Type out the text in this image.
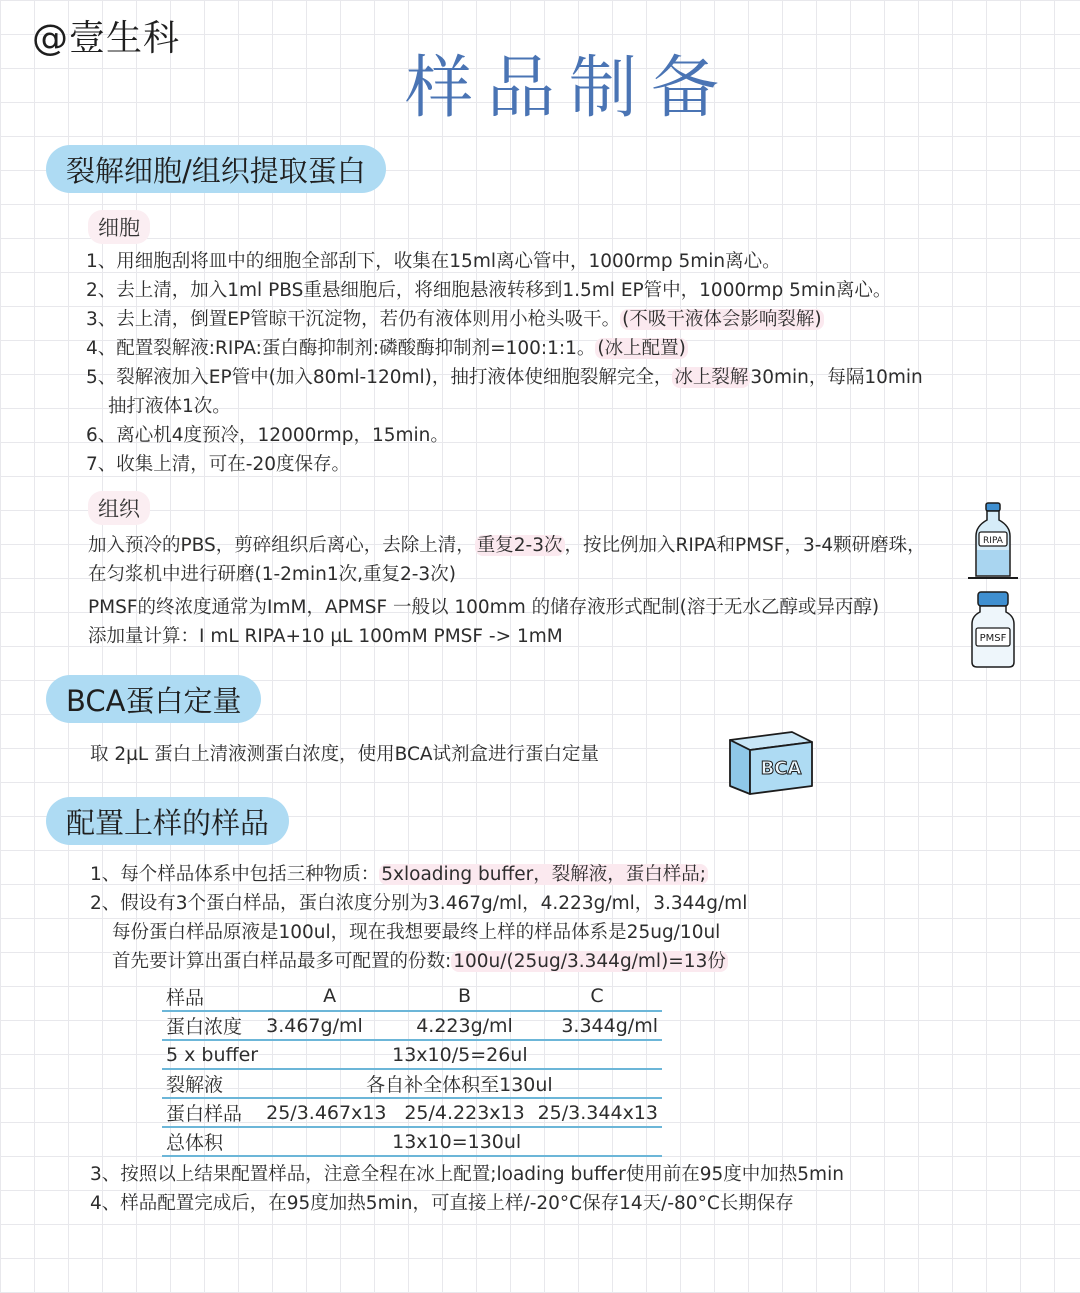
@壹生科
样品制备
裂解细胞/组织提取蛋白
细胞
1、用细胞刮将皿中的细胞全部刮下，收集在15ml离心管中，1000rmp 5min离心。
2、去上清，加入1ml PBS重悬细胞后，将细胞悬液转移到1.5ml EP管中，1000rmp 5min离心。
3、去上清，倒置EP管晾干沉淀物，若仍有液体则用小枪头吸干。 (不吸干液体会影响裂解)
4、配置裂解液:RIPA:蛋白酶抑制剂:磷酸酶抑制剂=100:1:1。 (冰上配置)
5、裂解液加入EP管中(加入80ml-120ml)，抽打液体使细胞裂解完全， 冰上裂解 30min，每隔10min
抽打液体1次。
6、离心机4度预冷，12000rmp，15min。
7、收集上清，可在-20度保存。
组织
加入预冷的PBS，剪碎组织后离心，去除上清， 重复2-3次 ，按比例加入RIPA和PMSF，3-4颗研磨珠，
在匀浆机中进行研磨(1-2min1次,重复2-3次)
PMSF的终浓度通常为ImM，APMSF 一般以 100mm 的储存液形式配制(溶于无水乙醇或异丙醇)
添加量计算：I mL RIPA+10 µL 100mM PMSF -> 1mM
RIPA
PMSF
BCA蛋白定量
取 2µL 蛋白上清液测蛋白浓度，使用BCA试剂盒进行蛋白定量
BCA
配置上样的样品
1、每个样品体系中包括三种物质： 5xloading buffer，裂解液，蛋白样品;
2、假设有3个蛋白样品，蛋白浓度分别为3.467g/ml，4.223g/ml，3.344g/ml
每份蛋白样品原液是100ul，现在我想要最终上样的样品体系是25ug/10ul
首先要计算出蛋白样品最多可配置的份数: 100u/(25ug/3.344g/ml)=13份
样品	A	B	C
蛋白浓度	3.467g/ml	4.223g/ml	3.344g/ml
5 x buffer	13x10/5=26ul		
裂解液	各自补全体积至130ul		
蛋白样品	25/3.467x13	25/4.223x13	25/3.344x13
总体积	13x10=130ul		
3、按照以上结果配置样品，注意全程在冰上配置;loading buffer使用前在95度中加热5min
4、样品配置完成后，在95度加热5min，可直接上样/-20°C保存14天/-80°C长期保存
